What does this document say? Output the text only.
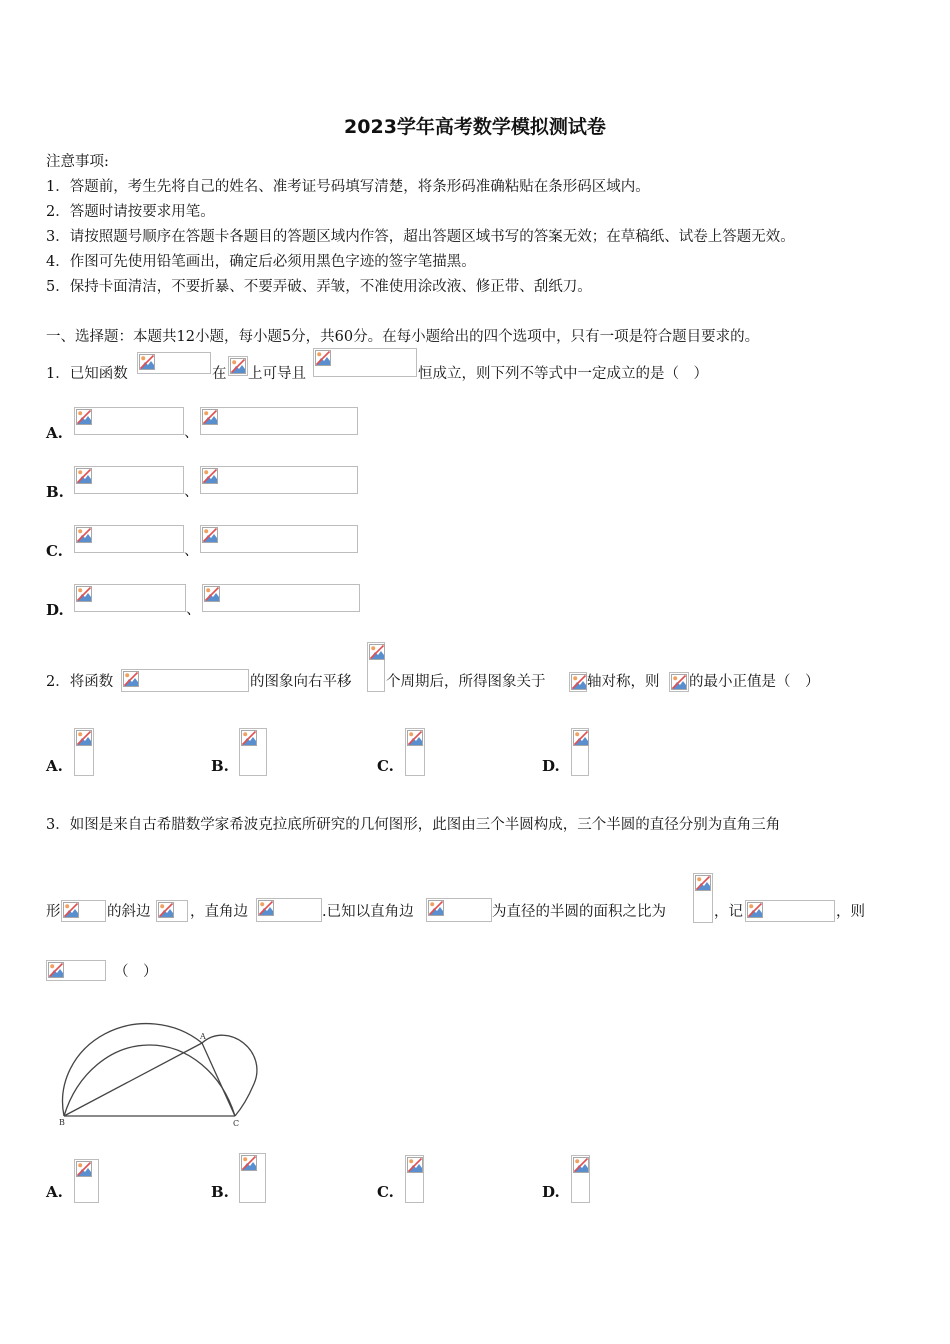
2023学年高考数学模拟测试卷
注意事项:
1．答题前，考生先将自己的姓名、准考证号码填写清楚，将条形码准确粘贴在条形码区域内。
2．答题时请按要求用笔。
3．请按照题号顺序在答题卡各题目的答题区域内作答，超出答题区域书写的答案无效；在草稿纸、试卷上答题无效。
4．作图可先使用铅笔画出，确定后必须用黑色字迹的签字笔描黑。
5．保持卡面清洁，不要折暴、不要弄破、弄皱，不准使用涂改液、修正带、刮纸刀。
一、选择题：本题共12小题，每小题5分，共60分。在每小题给出的四个选项中，只有一项是符合题目要求的。
1．已知函数	在 上可导且	恒成立，则下列不等式中一定成立的是（　）
A.	、
B.	、
C.	、
D.	、
2．将函数	的图象向右平移 个周期后，所得图象关于	轴对称，则 的最小正值是（　）
A.	B.	C.	D.
3．如图是来自古希腊数学家希波克拉底所研究的几何图形，此图由三个半圆构成，三个半圆的直径分别为直角三角
形	的斜边	，直角边	.已知以直角边	为直径的半圆的面积之比为	，记	，则
（　）
A
B	C
A.	B.	C.	D.
